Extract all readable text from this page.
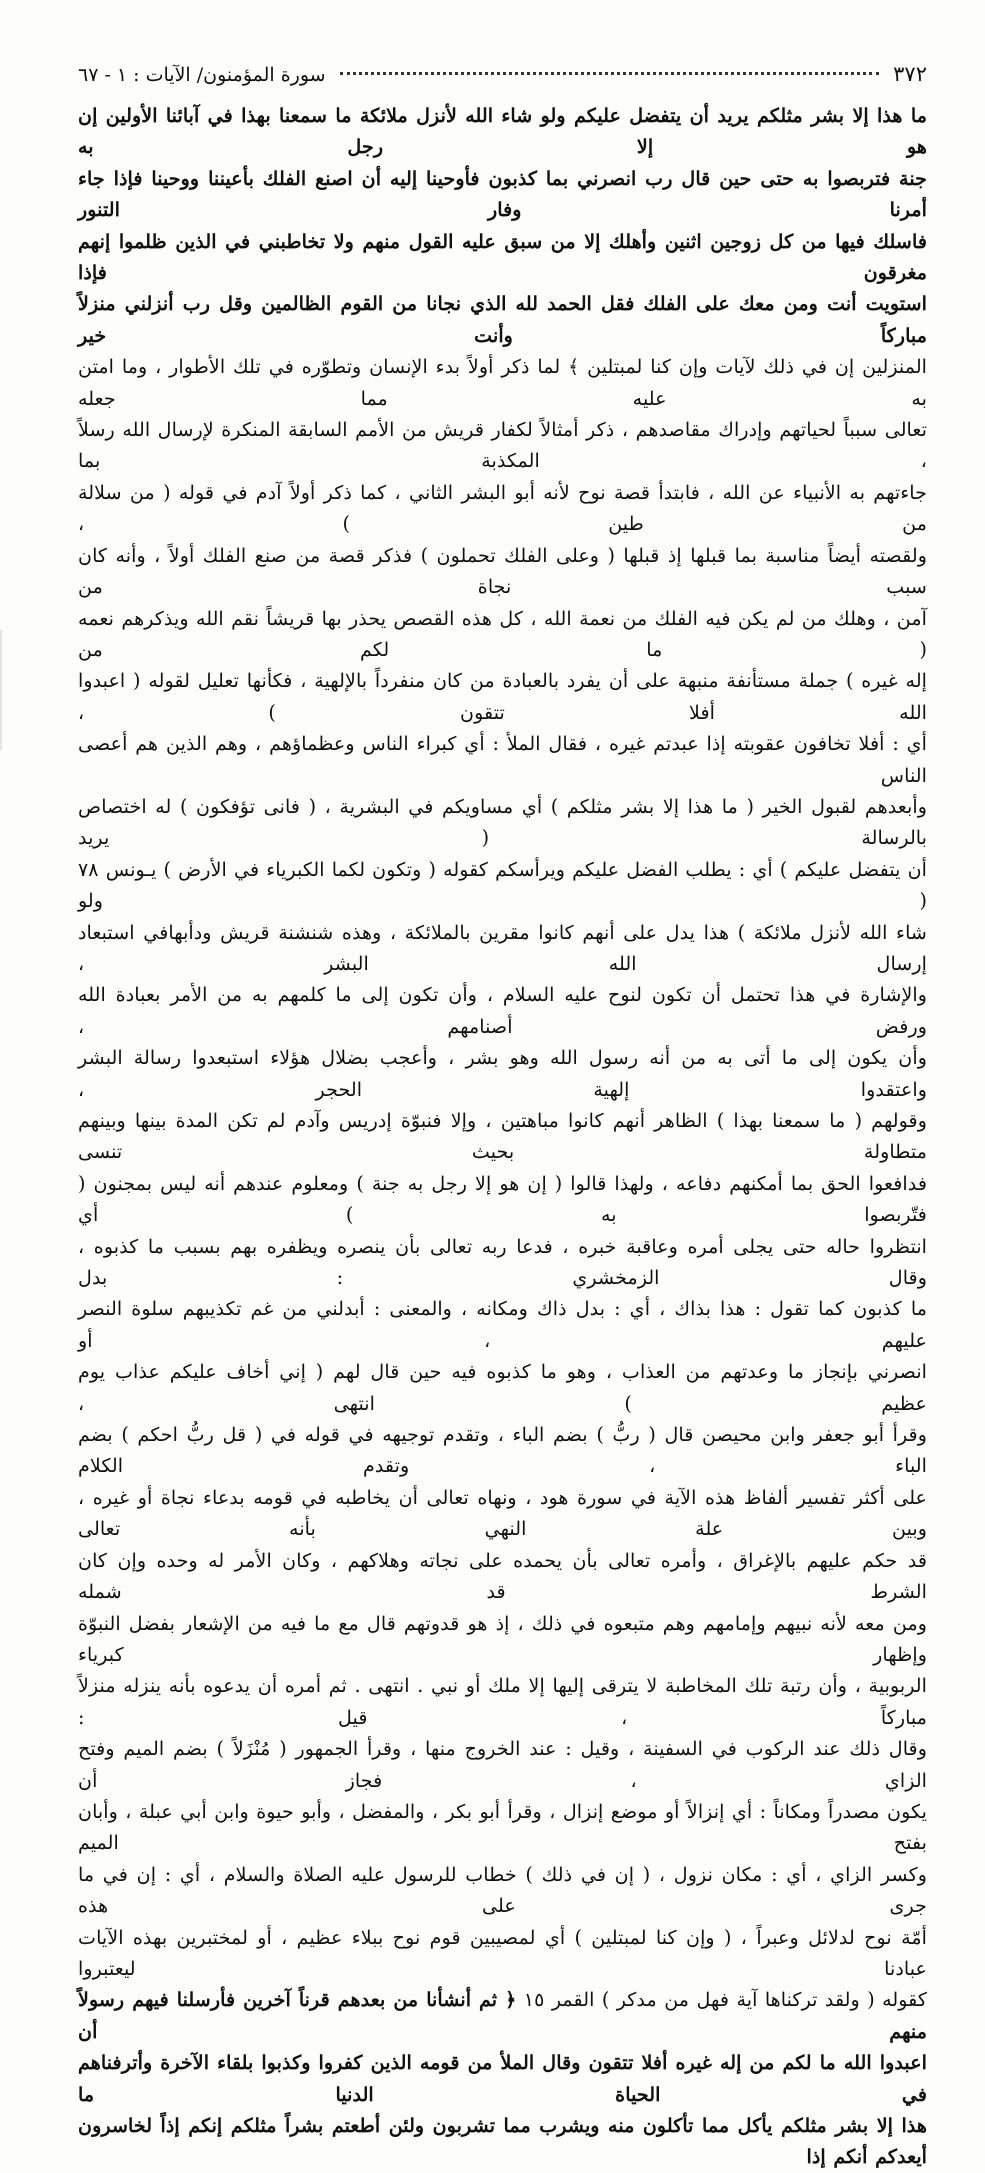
٣٧٢
سورة المؤمنون/ الآيات : ١ - ٦٧
ما هذا إلا بشر مثلكم يريد أن يتفضل عليكم ولو شاء الله لأنزل ملائكة ما سمعنا بهذا في آبائنا الأولين إن هو إلا رجل به
جنة فتربصوا به حتى حين قال رب انصرني بما كذبون فأوحينا إليه أن اصنع الفلك بأعيننا ووحينا فإذا جاء أمرنا وفار التنور
فاسلك فيها من كل زوجين اثنين وأهلك إلا من سبق عليه القول منهم ولا تخاطبني في الذين ظلموا إنهم مغرقون فإذا
استويت أنت ومن معك على الفلك فقل الحمد لله الذي نجانا من القوم الظالمين وقل رب أنزلني منزلاً مباركاً وأنت خير
المنزلين إن في ذلك لآيات وإن كنا لمبتلين ﴾ لما ذكر أولاً بدء الإنسان وتطوّره في تلك الأطوار ، وما امتن به عليه مما جعله
تعالى سبباً لحياتهم وإدراك مقاصدهم ، ذكر أمثالاً لكفار قريش من الأمم السابقة المنكرة لإرسال الله رسلاً ، المكذبة بما
جاءتهم به الأنبياء عن الله ، فابتدأ قصة نوح لأنه أبو البشر الثاني ، كما ذكر أولاً آدم في قوله ( من سلالة من طين ) ،
ولقصته أيضاً مناسبة بما قبلها إذ قبلها ( وعلى الفلك تحملون ) فذكر قصة من صنع الفلك أولاً ، وأنه كان سبب نجاة من
آمن ، وهلك من لم يكن فيه الفلك من نعمة الله ، كل هذه القصص يحذر بها قريشاً نقم الله ويذكرهم نعمه ( ما لكم من
إله غيره ) جملة مستأنفة منبهة على أن يفرد بالعبادة من كان منفرداً بالإلهية ، فكأنها تعليل لقوله ( اعبدوا الله أفلا تتقون ) ،
أي : أفلا تخافون عقوبته إذا عبدتم غيره ، فقال الملأ : أي كبراء الناس وعظماؤهم ، وهم الذين هم أعصى الناس
وأبعدهم لقبول الخير ( ما هذا إلا بشر مثلكم ) أي مساويكم في البشرية ، ( فانى تؤفكون ) له اختصاص بالرسالة ( يريد
أن يتفضل عليكم ) أي : يطلب الفضل عليكم ويرأسكم كقوله ( وتكون لكما الكبرياء في الأرض ) يـونس ٧٨ ( ولو
شاء الله لأنزل ملائكة ) هذا يدل على أنهم كانوا مقرين بالملائكة ، وهذه شنشنة قريش ودأبهافي استبعاد إرسال الله البشر ،
والإشارة في هذا تحتمل أن تكون لنوح عليه السلام ، وأن تكون إلى ما كلمهم به من الأمر بعبادة الله ورفض أصنامهم ،
وأن يكون إلى ما أتى به من أنه رسول الله وهو بشر ، وأعجب بضلال هؤلاء استبعدوا رسالة البشر واعتقدوا إلهية الحجر ،
وقولهم ( ما سمعنا بهذا ) الظاهر أنهم كانوا مباهتين ، وإلا فنبوّة إدريس وآدم لم تكن المدة بينها وبينهم متطاولة بحيث تنسى
فدافعوا الحق بما أمكنهم دفاعه ، ولهذا قالوا ( إن هو إلا رجل به جنة ) ومعلوم عندهم أنه ليس بمجنون ( فتّربصوا به ) أي
انتظروا حاله حتى يجلى أمره وعاقبة خبره ، فدعا ربه تعالى بأن ينصره ويظفره بهم بسبب ما كذبوه ، وقال الزمخشري : بدل
ما كذبون كما تقول : هذا بذاك ، أي : بدل ذاك ومكانه ، والمعنى : أبدلني من غم تكذيبهم سلوة النصر عليهم ، أو
انصرني بإنجاز ما وعدتهم من العذاب ، وهو ما كذبوه فيه حين قال لهم ( إني أخاف عليكم عذاب يوم عظيم ) انتهى ،
وقرأ أبو جعفر وابن محيصن قال ( ربُّ ) بضم الباء ، وتقدم توجيهه في قوله في ( قل ربُّ احكم ) بضم الباء ، وتقدم الكلام
على أكثر تفسير ألفاظ هذه الآية في سورة هود ، ونهاه تعالى أن يخاطبه في قومه بدعاء نجاة أو غيره ، وبين علة النهي بأنه تعالى
قد حكم عليهم بالإغراق ، وأمره تعالى بأن يحمده على نجاته وهلاكهم ، وكان الأمر له وحده وإن كان الشرط قد شمله
ومن معه لأنه نبيهم وإمامهم وهم متبعوه في ذلك ، إذ هو قدوتهم قال مع ما فيه من الإشعار بفضل النبوّة وإظهار كبرياء
الربوبية ، وأن رتبة تلك المخاطبة لا يترقى إليها إلا ملك أو نبي . انتهى . ثم أمره أن يدعوه بأنه ينزله منزلاً مباركاً ، قيل :
وقال ذلك عند الركوب في السفينة ، وقيل : عند الخروج منها ، وقرأ الجمهور ( مُنْزَلاً ) بضم الميم وفتح الزاي ، فجاز أن
يكون مصدراً ومكاناً : أي إنزالاً أو موضع إنزال ، وقرأ أبو بكر ، والمفضل ، وأبو حيوة وابن أبي عبلة ، وأبان بفتح الميم
وكسر الزاي ، أي : مكان نزول ، ( إن في ذلك ) خطاب للرسول عليه الصلاة والسلام ، أي : إن في ما جرى على هذه
أمّة نوح لدلائل وعبراً ، ( وإن كنا لمبتلين ) أي لمصيبين قوم نوح ببلاء عظيم ، أو لمختبرين بهذه الآيات عبادنا ليعتبروا
كقوله ( ولقد تركناها آية فهل من مدكر ) القمر ١٥ ﴿ ثم أنشأنا من بعدهم قرناً آخرين فأرسلنا فيهم رسولاً منهم أن
اعبدوا الله ما لكم من إله غيره أفلا تتقون وقال الملأ من قومه الذين كفروا وكذبوا بلقاء الآخرة وأترفناهم في الحياة الدنيا ما
هذا إلا بشر مثلكم يأكل مما تأكلون منه ويشرب مما تشربون ولئن أطعتم بشراً مثلكم إنكم إذاً لخاسرون أيعدكم أنكم إذا
